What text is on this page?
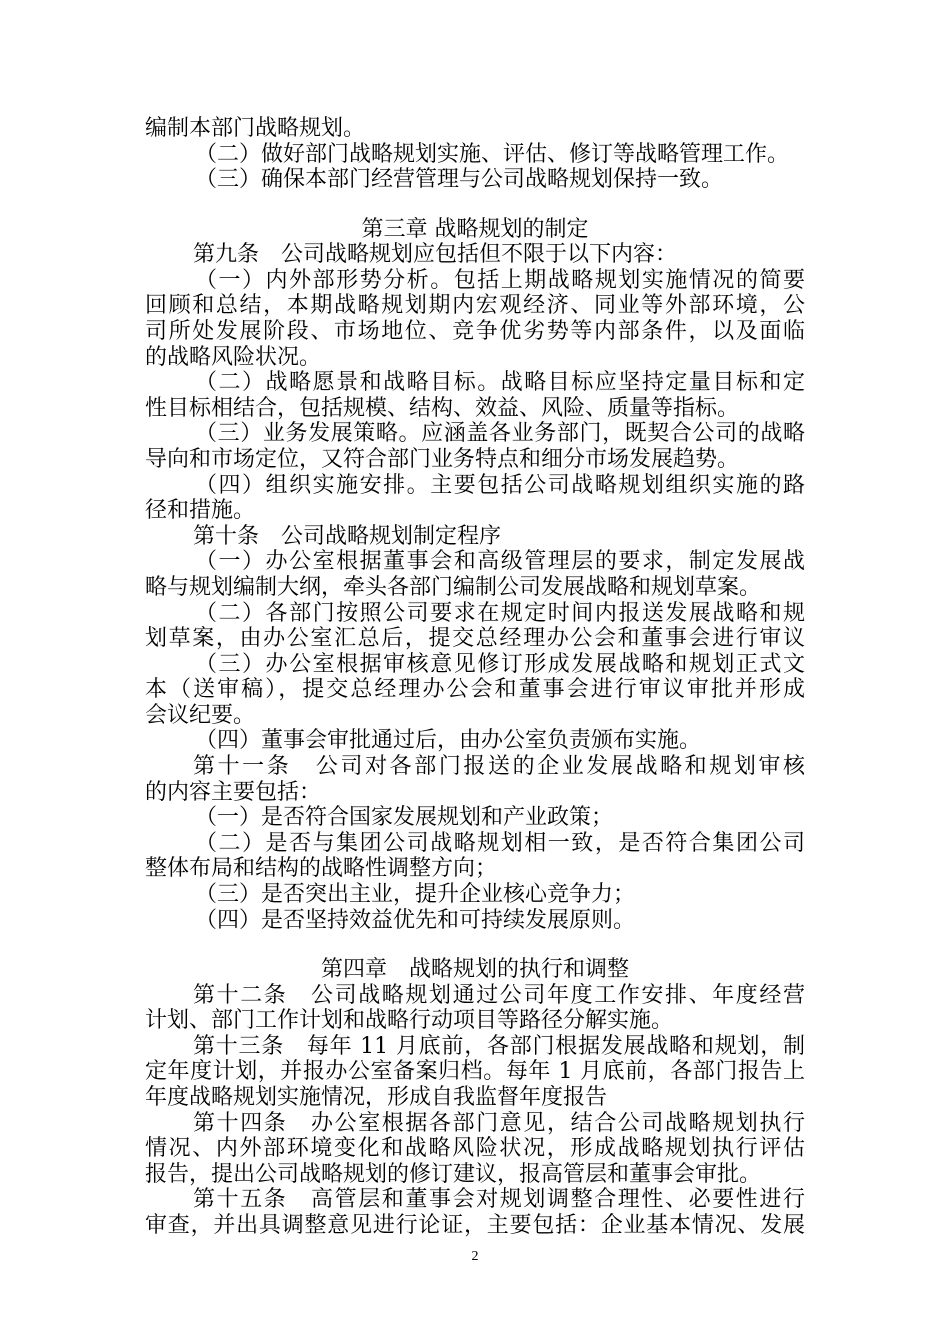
编制本部门战略规划。
（二）做好部门战略规划实施、评估、修订等战略管理工作。
（三）确保本部门经营管理与公司战略规划保持一致。
第三章 战略规划的制定
第九条　公司战略规划应包括但不限于以下内容：
（一）内外部形势分析。包括上期战略规划实施情况的简要
回顾和总结，本期战略规划期内宏观经济、同业等外部环境，公
司所处发展阶段、市场地位、竞争优劣势等内部条件，以及面临
的战略风险状况。
（二）战略愿景和战略目标。战略目标应坚持定量目标和定
性目标相结合，包括规模、结构、效益、风险、质量等指标。
（三）业务发展策略。应涵盖各业务部门，既契合公司的战略
导向和市场定位，又符合部门业务特点和细分市场发展趋势。
（四）组织实施安排。主要包括公司战略规划组织实施的路
径和措施。
第十条　公司战略规划制定程序
（一）办公室根据董事会和高级管理层的要求，制定发展战
略与规划编制大纲，牵头各部门编制公司发展战略和规划草案。
（二）各部门按照公司要求在规定时间内报送发展战略和规
划草案，由办公室汇总后，提交总经理办公会和董事会进行审议
（三）办公室根据审核意见修订形成发展战略和规划正式文
本（送审稿），提交总经理办公会和董事会进行审议审批并形成
会议纪要。
（四）董事会审批通过后，由办公室负责颁布实施。
第十一条　公司对各部门报送的企业发展战略和规划审核
的内容主要包括：
（一）是否符合国家发展规划和产业政策；
（二）是否与集团公司战略规划相一致，是否符合集团公司
整体布局和结构的战略性调整方向；
（三）是否突出主业，提升企业核心竞争力；
（四）是否坚持效益优先和可持续发展原则。
第四章　战略规划的执行和调整
第十二条　公司战略规划通过公司年度工作安排、年度经营
计划、部门工作计划和战略行动项目等路径分解实施。
第十三条　每年 11 月底前，各部门根据发展战略和规划，制
定年度计划，并报办公室备案归档。每年 1 月底前，各部门报告上
年度战略规划实施情况，形成自我监督年度报告
第十四条　办公室根据各部门意见，结合公司战略规划执行
情况、内外部环境变化和战略风险状况，形成战略规划执行评估
报告，提出公司战略规划的修订建议，报高管层和董事会审批。
第十五条　高管层和董事会对规划调整合理性、必要性进行
审查，并出具调整意见进行论证，主要包括：企业基本情况、发展
2
